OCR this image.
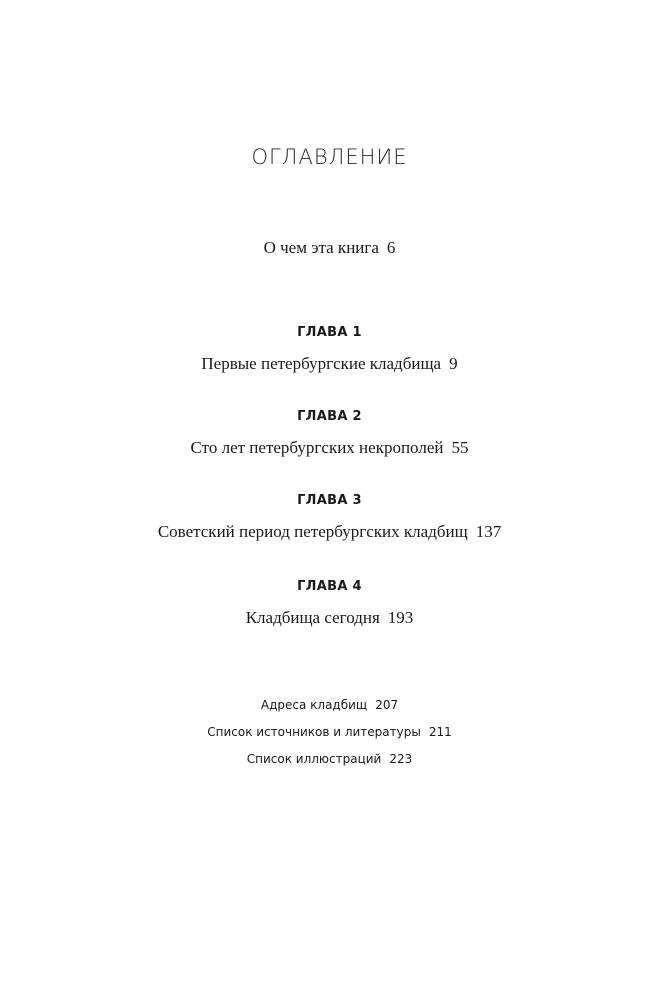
ОГЛАВЛЕНИЕ
О чем эта книга 6
ГЛАВА 1
Первые петербургские кладбища 9
ГЛАВА 2
Сто лет петербургских некрополей 55
ГЛАВА 3
Советский период петербургских кладбищ 137
ГЛАВА 4
Кладбища сегодня 193
Адреса кладбищ 207
Список источников и литературы 211
Список иллюстраций 223
